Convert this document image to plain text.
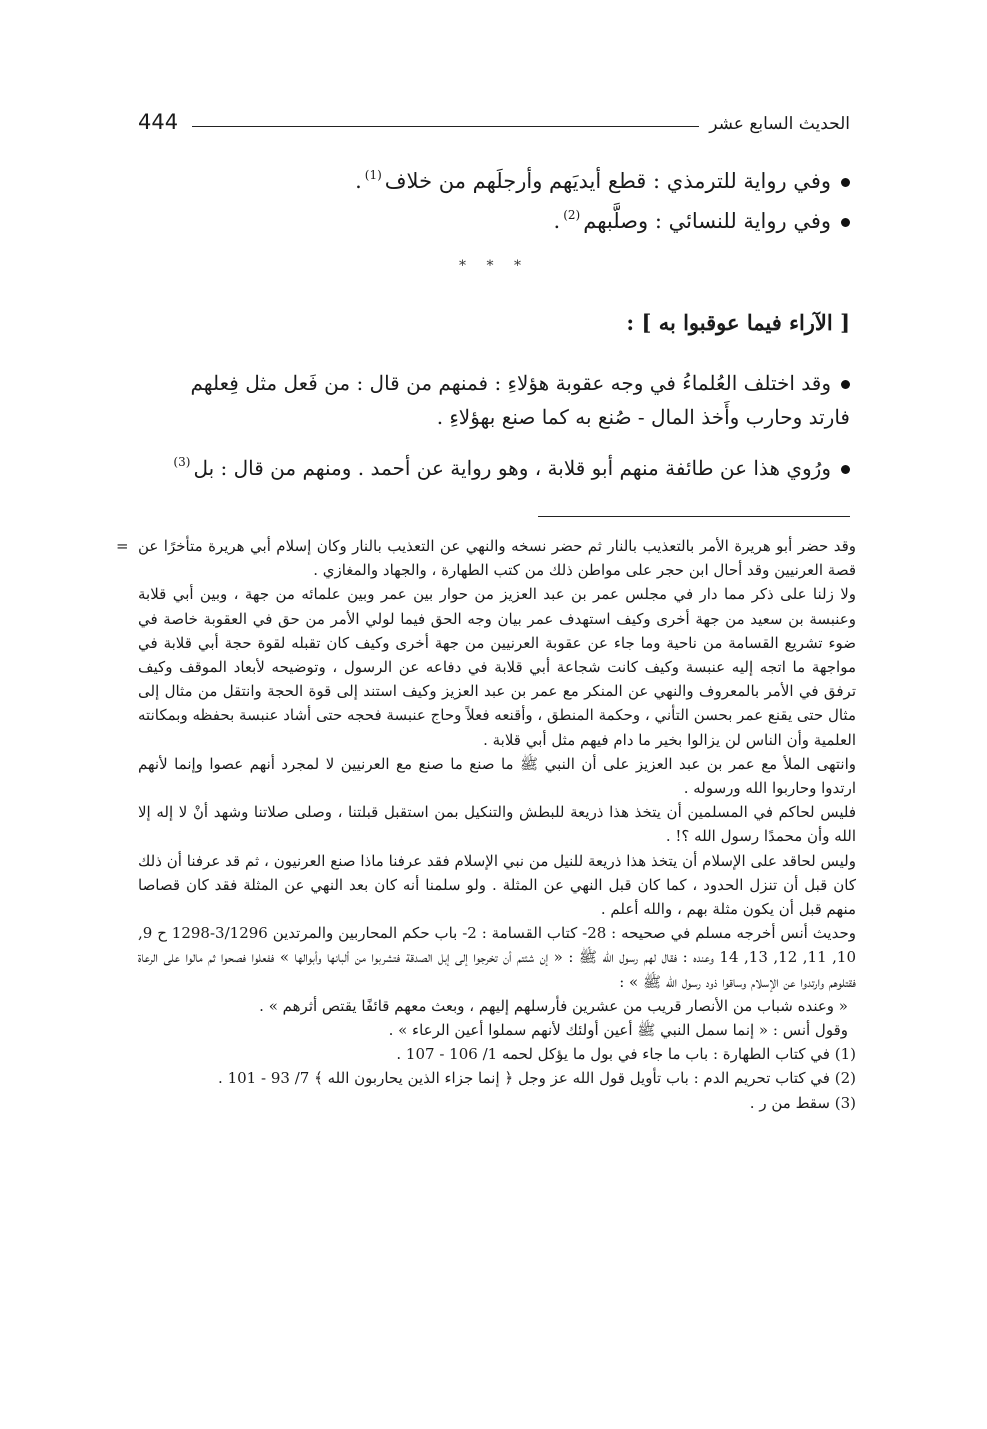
444	الحديث السابع عشر

وفي رواية للترمذي : قطع أيديَهم وأرجلَهم من خلاف$^{(1)}$.

وفي رواية للنسائي : وصلَّبهم$^{(2)}$.

* * *

[ الآراء فيما عوقبوا به ] :

وقد اختلف العُلماءُ في وجه عقوبة هؤلاءِ : فمنهم من قال : من فَعل مثل فِعلهم

فارتد وحارب وأَخذ المال - صُنع به كما صنع بهؤلاءِ .

ورُوي هذا عن طائفة منهم أبو قلابة ، وهو رواية عن أحمد . ومنهم من قال : بل$^{(3)}$

= وقد حضر أبو هريرة الأمر بالتعذيب بالنار ثم حضر نسخه والنهي عن التعذيب بالنار وكان إسلام أبي هريرة متأخرًا عن قصة العرنيين وقد أحال ابن حجر على مواطن ذلك من كتب الطهارة ، والجهاد والمغازي .

ولا زلنا على ذكر مما دار في مجلس عمر بن عبد العزيز من حوار بين عمر وبين علمائه من جهة ، وبين أبي قلابة وعنبسة بن سعيد من جهة أخرى وكيف استهدف عمر بيان وجه الحق فيما لولي الأمر من حق في العقوبة خاصة في ضوء تشريع القسامة من ناحية وما جاء عن عقوبة العرنيين من جهة أخرى وكيف كان تقبله لقوة حجة أبي قلابة في مواجهة ما اتجه إليه عنبسة وكيف كانت شجاعة أبي قلابة في دفاعه عن الرسول ، وتوضيحه لأبعاد الموقف وكيف ترفق في الأمر بالمعروف والنهي عن المنكر مع عمر بن عبد العزيز وكيف استند إلى قوة الحجة وانتقل من مثال إلى مثال حتى يقنع عمر بحسن التأني ، وحكمة المنطق ، وأقنعه فعلاً وحاج عنبسة فحجه حتى أشاد عنبسة بحفظه وبمكانته العلمية وأن الناس لن يزالوا بخير ما دام فيهم مثل أبي قلابة .

وانتهى الملأ مع عمر بن عبد العزيز على أن النبي ﷺ ما صنع ما صنع مع العرنيين لا لمجرد أنهم عصوا وإنما لأنهم ارتدوا وحاربوا الله ورسوله .

فليس لحاكم في المسلمين أن يتخذ هذا ذريعة للبطش والتنكيل بمن استقبل قبلتنا ، وصلى صلاتنا وشهد أنْ لا إله إلا الله وأن محمدًا رسول الله ؟! .

وليس لحاقد على الإسلام أن يتخذ هذا ذريعة للنيل من نبي الإسلام فقد عرفنا ماذا صنع العرنيون ، ثم قد عرفنا أن ذلك كان قبل أن تنزل الحدود ، كما كان قبل النهي عن المثلة . ولو سلمنا أنه كان بعد النهي عن المثلة فقد كان قصاصا منهم قبل أن يكون مثلة بهم ، والله أعلم .

وحديث أنس أخرجه مسلم في صحيحه : 28- كتاب القسامة : 2- باب حكم المحاربين والمرتدين 3/1296-1298 ح 9, 10, 11, 12, 13, 14 وعنده : فقال لهم رسول الله ﷺ : « إن شئتم أن تخرجوا إلى إبل الصدقة فتشربوا من ألبانها وأبوالها » ففعلوا فصحوا ثم مالوا على الرعاة فقتلوهم وارتدوا عن الإسلام وساقوا ذود رسول الله ﷺ » :

« وعنده شباب من الأنصار قريب من عشرين فأرسلهم إليهم ، وبعث معهم قائفًا يقتص أثرهم » .

وقول أنس : « إنما سمل النبي ﷺ أعين أولئك لأنهم سملوا أعين الرعاء » .

(1) في كتاب الطهارة : باب ما جاء في بول ما يؤكل لحمه 1/ 106 - 107 .

(2) في كتاب تحريم الدم : باب تأويل قول الله عز وجل ﴿ إنما جزاء الذين يحاربون الله ﴾ 7/ 93 - 101 .

(3) سقط من ر .
